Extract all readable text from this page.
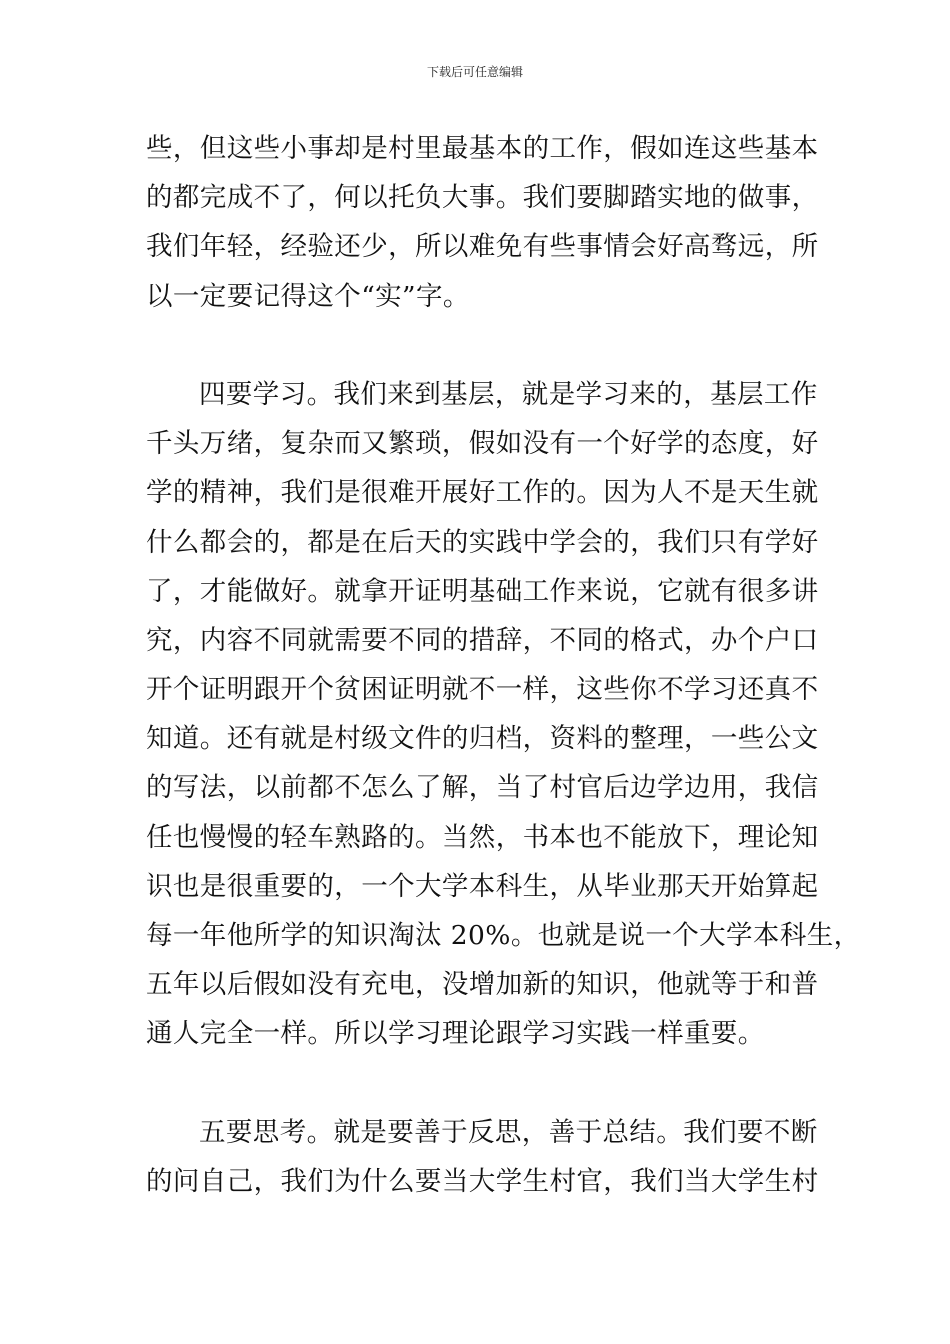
下载后可任意编辑
些，但这些小事却是村里最基本的工作，假如连这些基本
的都完成不了，何以托负大事。我们要脚踏实地的做事，
我们年轻，经验还少，所以难免有些事情会好高骛远，所
以一定要记得这个“实”字。
四要学习。我们来到基层，就是学习来的，基层工作
千头万绪，复杂而又繁琐，假如没有一个好学的态度，好
学的精神，我们是很难开展好工作的。因为人不是天生就
什么都会的，都是在后天的实践中学会的，我们只有学好
了，才能做好。就拿开证明基础工作来说，它就有很多讲
究，内容不同就需要不同的措辞，不同的格式，办个户口
开个证明跟开个贫困证明就不一样，这些你不学习还真不
知道。还有就是村级文件的归档，资料的整理，一些公文
的写法，以前都不怎么了解，当了村官后边学边用，我信
任也慢慢的轻车熟路的。当然，书本也不能放下，理论知
识也是很重要的，一个大学本科生，从毕业那天开始算起
每一年他所学的知识淘汰 20%。也就是说一个大学本科生，
五年以后假如没有充电，没增加新的知识，他就等于和普
通人完全一样。所以学习理论跟学习实践一样重要。
五要思考。就是要善于反思，善于总结。我们要不断
的问自己，我们为什么要当大学生村官，我们当大学生村
